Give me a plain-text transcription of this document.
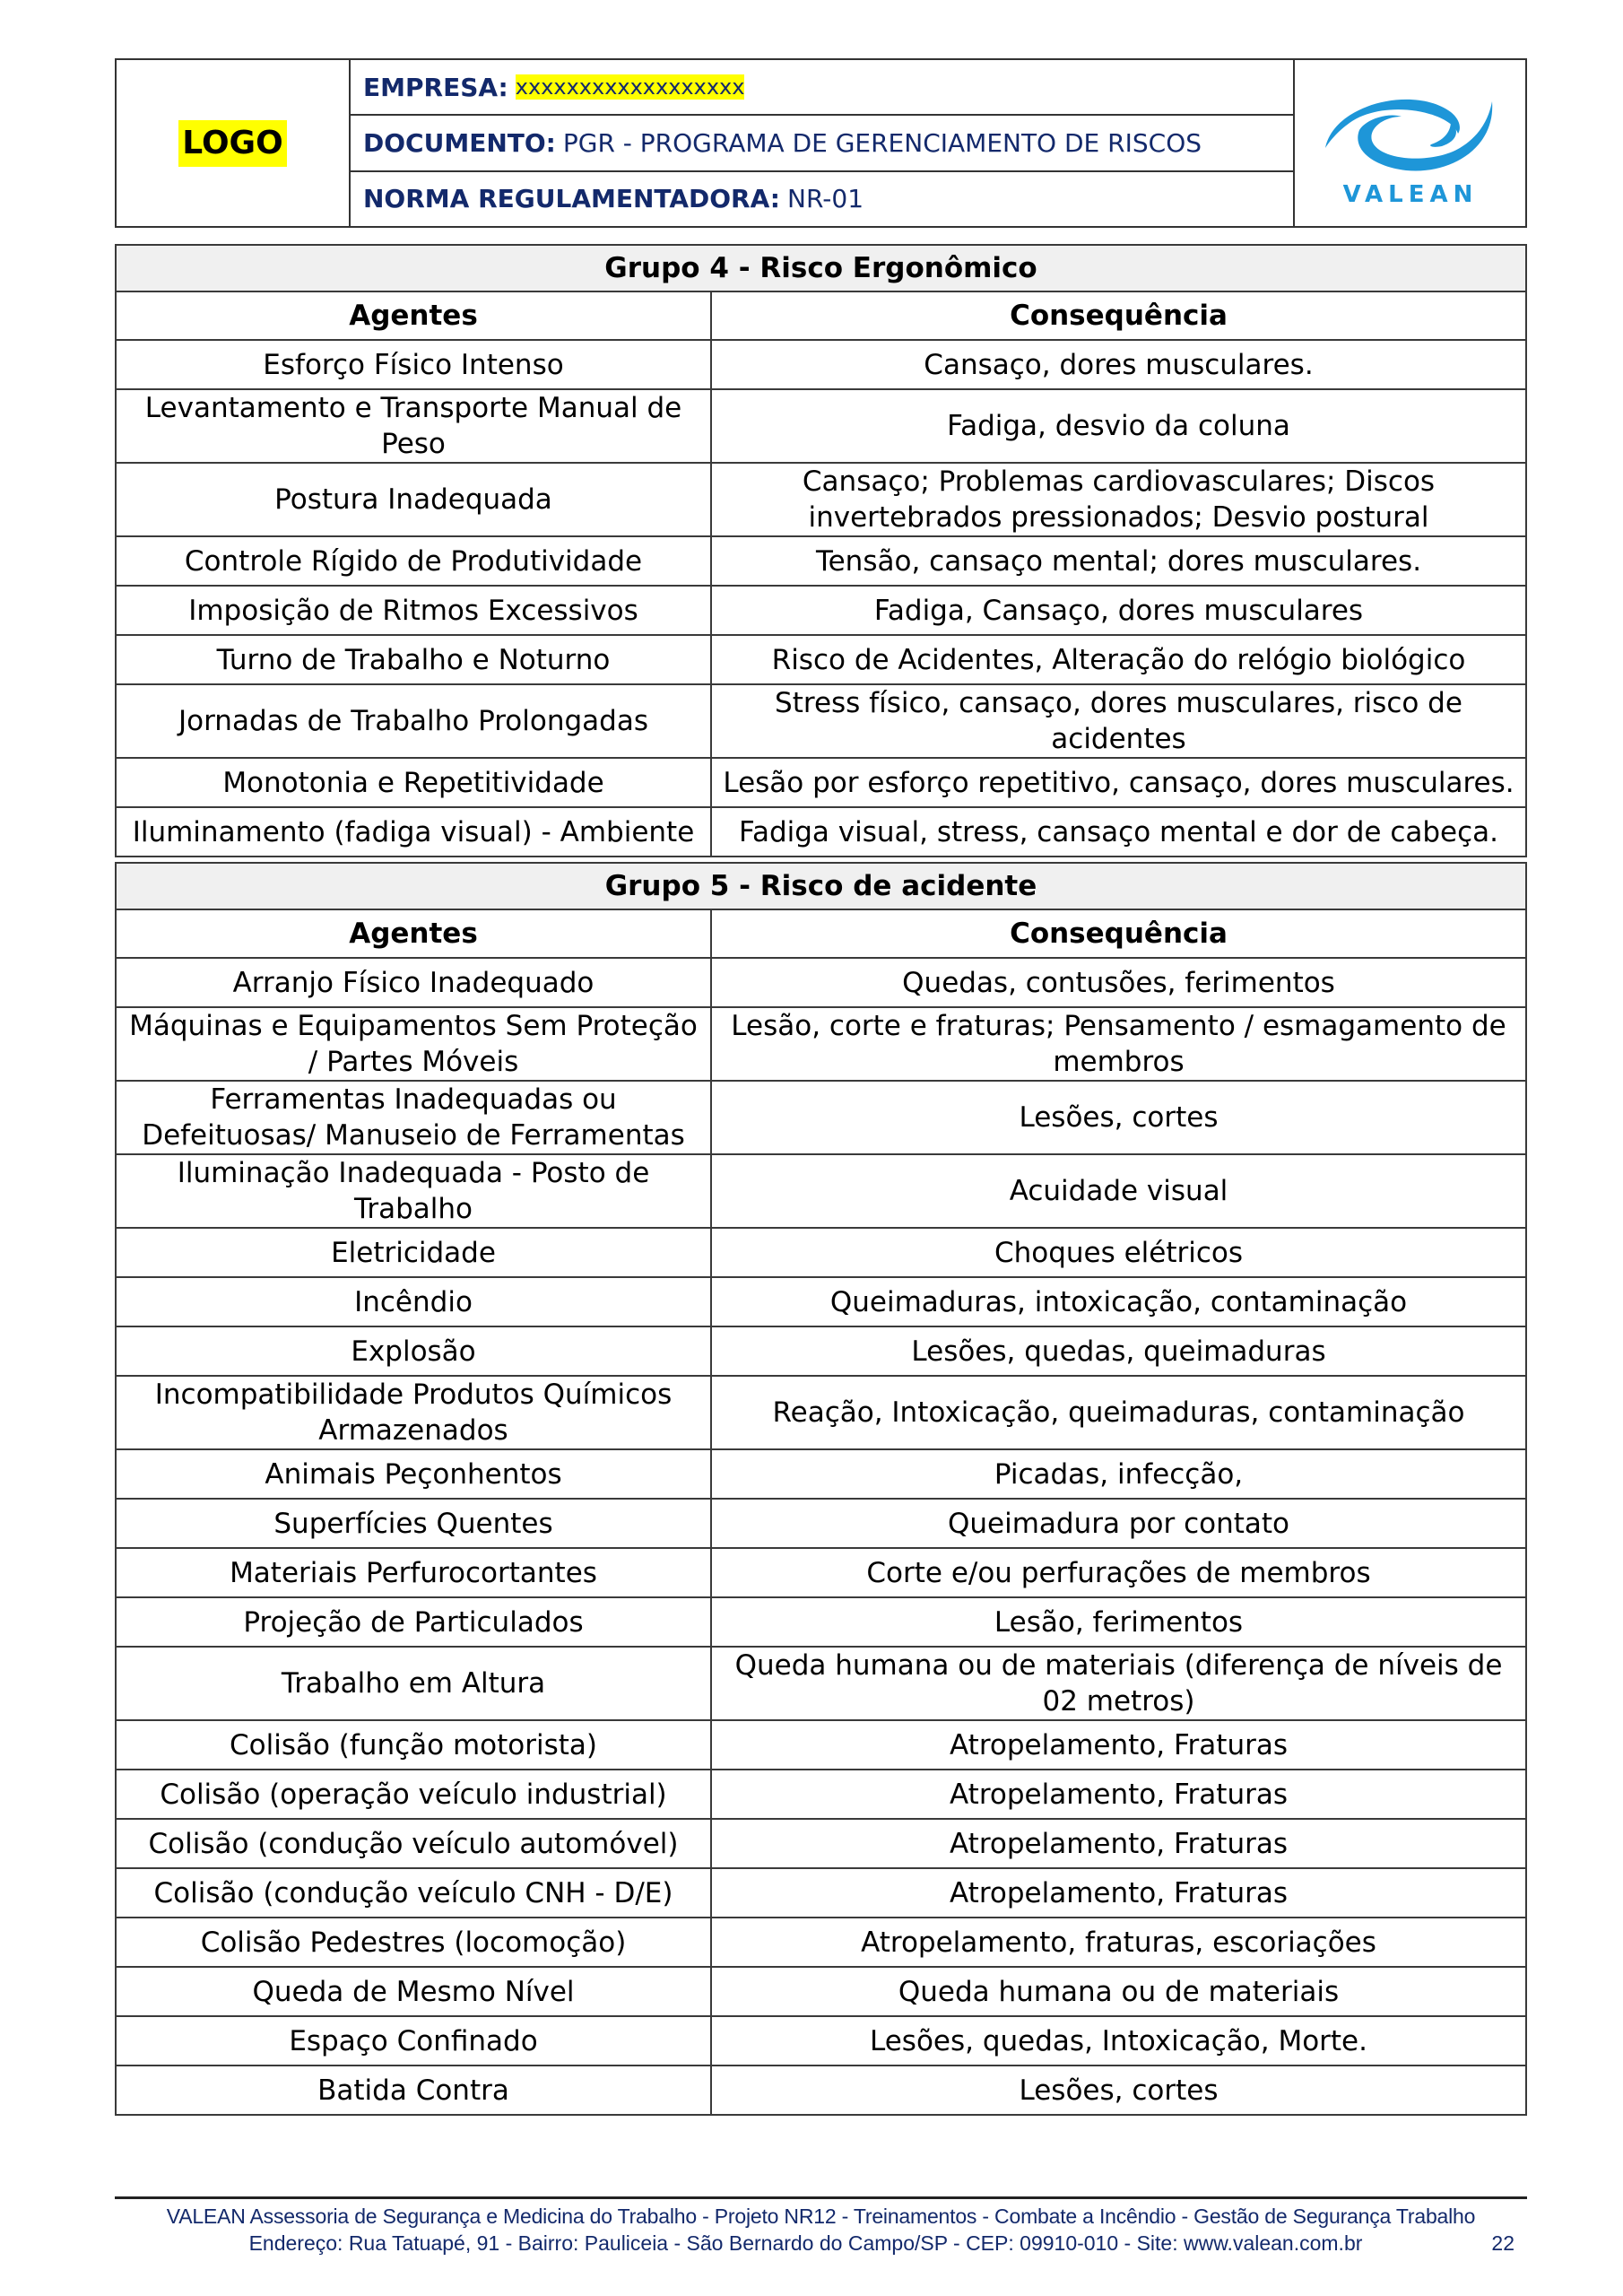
LOGO
EMPRESA: xxxxxxxxxxxxxxxxxx
DOCUMENTO: PGR - PROGRAMA DE GERENCIAMENTO DE RISCOS
NORMA REGULAMENTADORA: NR-01	VALEAN
Grupo 4 - Risco Ergonômico	
Agentes	Consequência
Esforço Físico Intenso	Cansaço, dores musculares.
Levantamento e Transporte Manual de Peso	Fadiga, desvio da coluna
Postura Inadequada	Cansaço; Problemas cardiovasculares; Discos invertebrados pressionados; Desvio postural
Controle Rígido de Produtividade	Tensão, cansaço mental; dores musculares.
Imposição de Ritmos Excessivos	Fadiga, Cansaço, dores musculares
Turno de Trabalho e Noturno	Risco de Acidentes, Alteração do relógio biológico
Jornadas de Trabalho Prolongadas	Stress físico, cansaço, dores musculares, risco de acidentes
Monotonia e Repetitividade	Lesão por esforço repetitivo, cansaço, dores musculares.
Iluminamento (fadiga visual) - Ambiente	Fadiga visual, stress, cansaço mental e dor de cabeça.
Grupo 5 - Risco de acidente	
Agentes	Consequência
Arranjo Físico Inadequado	Quedas, contusões, ferimentos
Máquinas e Equipamentos Sem Proteção / Partes Móveis	Lesão, corte e fraturas; Pensamento / esmagamento de membros
Ferramentas Inadequadas ou Defeituosas/ Manuseio de Ferramentas	Lesões, cortes
Iluminação Inadequada - Posto de Trabalho	Acuidade visual
Eletricidade	Choques elétricos
Incêndio	Queimaduras, intoxicação, contaminação
Explosão	Lesões, quedas, queimaduras
Incompatibilidade Produtos Químicos Armazenados	Reação, Intoxicação, queimaduras, contaminação
Animais Peçonhentos	Picadas, infecção,
Superfícies Quentes	Queimadura por contato
Materiais Perfurocortantes	Corte e/ou perfurações de membros
Projeção de Particulados	Lesão, ferimentos
Trabalho em Altura	Queda humana ou de materiais (diferença de níveis de 02 metros)
Colisão (função motorista)	Atropelamento, Fraturas
Colisão (operação veículo industrial)	Atropelamento, Fraturas
Colisão (condução veículo automóvel)	Atropelamento, Fraturas
Colisão (condução veículo CNH - D/E)	Atropelamento, Fraturas
Colisão Pedestres (locomoção)	Atropelamento, fraturas, escoriações
Queda de Mesmo Nível	Queda humana ou de materiais
Espaço Confinado	Lesões, quedas, Intoxicação, Morte.
Batida Contra	Lesões, cortes
VALEAN Assessoria de Segurança e Medicina do Trabalho - Projeto NR12 - Treinamentos - Combate a Incêndio - Gestão de Segurança Trabalho
Endereço: Rua Tatuapé, 91 - Bairro: Pauliceia - São Bernardo do Campo/SP - CEP: 09910-010 - Site: www.valean.com.br	22
